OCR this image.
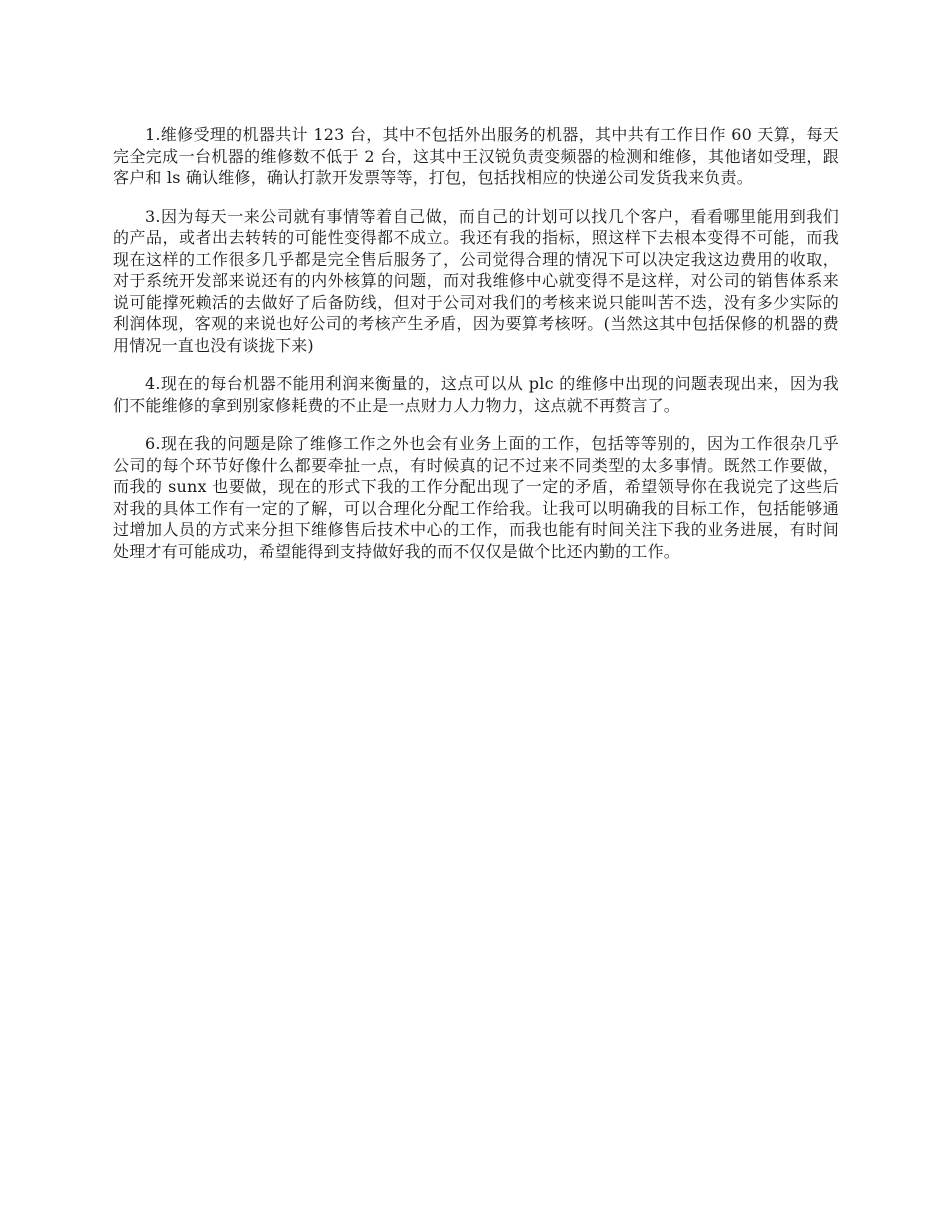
1.维修受理的机器共计 123 台，其中不包括外出服务的机器，其中共有工作日作 60 天算，每天完全完成一台机器的维修数不低于 2 台，这其中王汉锐负责变频器的检测和维修，其他诸如受理，跟客户和 ls 确认维修，确认打款开发票等等，打包，包括找相应的快递公司发货我来负责。

3.因为每天一来公司就有事情等着自己做，而自己的计划可以找几个客户，看看哪里能用到我们的产品，或者出去转转的可能性变得都不成立。我还有我的指标，照这样下去根本变得不可能，而我现在这样的工作很多几乎都是完全售后服务了，公司觉得合理的情况下可以决定我这边费用的收取，对于系统开发部来说还有的内外核算的问题，而对我维修中心就变得不是这样，对公司的销售体系来说可能撑死赖活的去做好了后备防线，但对于公司对我们的考核来说只能叫苦不迭，没有多少实际的利润体现，客观的来说也好公司的考核产生矛盾，因为要算考核呀。(当然这其中包括保修的机器的费用情况一直也没有谈拢下来)

4.现在的每台机器不能用利润来衡量的，这点可以从 plc 的维修中出现的问题表现出来，因为我们不能维修的拿到别家修耗费的不止是一点财力人力物力，这点就不再赘言了。

6.现在我的问题是除了维修工作之外也会有业务上面的工作，包括等等别的，因为工作很杂几乎公司的每个环节好像什么都要牵扯一点，有时候真的记不过来不同类型的太多事情。既然工作要做，而我的 sunx 也要做，现在的形式下我的工作分配出现了一定的矛盾，希望领导你在我说完了这些后对我的具体工作有一定的了解，可以合理化分配工作给我。让我可以明确我的目标工作，包括能够通过增加人员的方式来分担下维修售后技术中心的工作，而我也能有时间关注下我的业务进展，有时间处理才有可能成功，希望能得到支持做好我的而不仅仅是做个比还内勤的工作。
